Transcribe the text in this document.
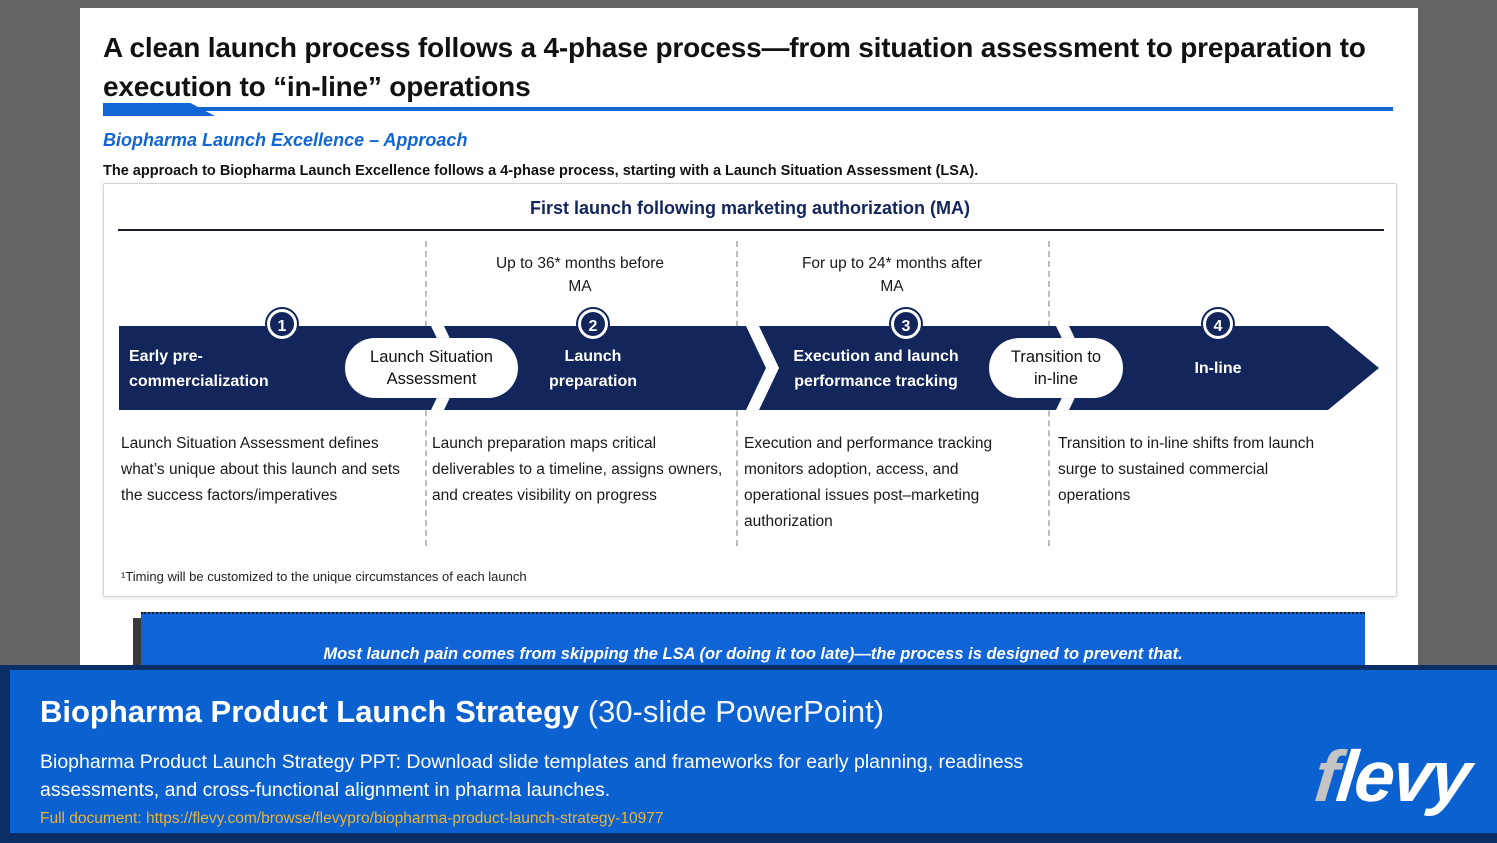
A clean launch process follows a 4-phase process—from situation assessment to preparation to execution to “in-line” operations
Biopharma Launch Excellence – Approach
The approach to Biopharma Launch Excellence follows a 4-phase process, starting with a Launch Situation Assessment (LSA).
First launch following marketing authorization (MA)
Up to 36* months before MA
For up to 24* months after MA
1	2	3	4
Early pre-commercialization
Launch preparation
Execution and launch performance tracking
In-line
Launch Situation Assessment
Transition to in-line
Launch Situation Assessment defines what’s unique about this launch and sets the success factors/imperatives
Launch preparation maps critical deliverables to a timeline, assigns owners, and creates visibility on progress
Execution and performance tracking monitors adoption, access, and operational issues post–marketing authorization
Transition to in-line shifts from launch surge to sustained commercial operations
¹Timing will be customized to the unique circumstances of each launch
Most launch pain comes from skipping the LSA (or doing it too late)—the process is designed to prevent that.
Biopharma Product Launch Strategy (30-slide PowerPoint)
Biopharma Product Launch Strategy PPT: Download slide templates and frameworks for early planning, readiness assessments, and cross-functional alignment in pharma launches.
Full document: https://flevy.com/browse/flevypro/biopharma-product-launch-strategy-10977
flevy
